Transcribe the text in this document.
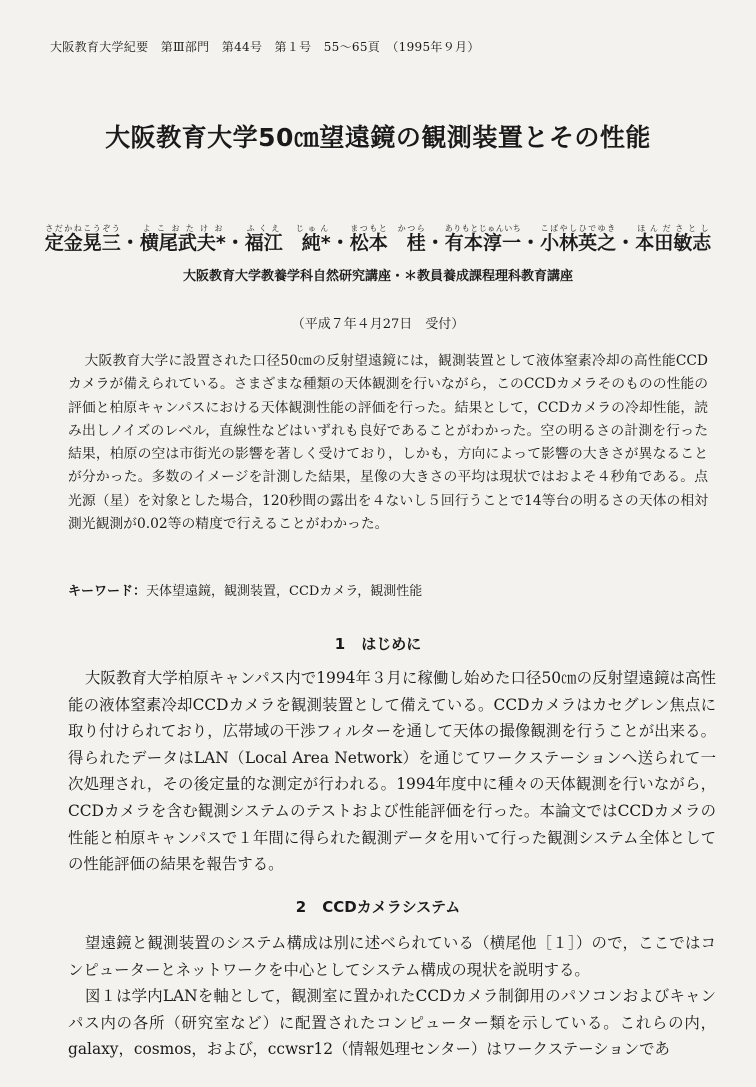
大阪教育大学紀要　第Ⅲ部門　第44号　第１号　55～65頁　（1995年９月）
大阪教育大学50㎝望遠鏡の観測装置とその性能
定金晃三さだかねこうぞう・横尾武夫*よこおたけお・福江　純*ふくえ　じゅん・松本　桂まつもと　かつら・有本淳一ありもとじゅんいち・小林英之こばやしひでゆき・本田敏志ほんださとし
大阪教育大学教養学科自然研究講座・＊教員養成課程理科教育講座
（平成７年４月27日　受付）

大阪教育大学に設置された口径50㎝の反射望遠鏡には，観測装置として液体窒素冷却の高性能CCDカメラが備えられている。さまざまな種類の天体観測を行いながら，このCCDカメラそのものの性能の評価と柏原キャンパスにおける天体観測性能の評価を行った。結果として，CCDカメラの冷却性能，読み出しノイズのレベル，直線性などはいずれも良好であることがわかった。空の明るさの計測を行った結果，柏原の空は市街光の影響を著しく受けており，しかも，方向によって影響の大きさが異なることが分かった。多数のイメージを計測した結果，星像の大きさの平均は現状ではおよそ４秒角である。点光源（星）を対象とした場合，120秒間の露出を４ないし５回行うことで14等台の明るさの天体の相対測光観測が0.02等の精度で行えることがわかった。

キーワード：天体望遠鏡，観測装置，CCDカメラ，観測性能
1 はじめに

大阪教育大学柏原キャンパス内で1994年３月に稼働し始めた口径50㎝の反射望遠鏡は高性能の液体窒素冷却CCDカメラを観測装置として備えている。CCDカメラはカセグレン焦点に取り付けられており，広帯域の干渉フィルターを通して天体の撮像観測を行うことが出来る。得られたデータはLAN（Local Area Network）を通じてワークステーションへ送られて一次処理され，その後定量的な測定が行われる。1994年度中に種々の天体観測を行いながら，CCDカメラを含む観測システムのテストおよび性能評価を行った。本論文ではCCDカメラの性能と柏原キャンパスで１年間に得られた観測データを用いて行った観測システム全体としての性能評価の結果を報告する。

2 CCDカメラシステム

望遠鏡と観測装置のシステム構成は別に述べられている（横尾他［１］）ので，ここではコンピューターとネットワークを中心としてシステム構成の現状を説明する。

図１は学内LANを軸として，観測室に置かれたCCDカメラ制御用のパソコンおよびキャンパス内の各所（研究室など）に配置されたコンピューター類を示している。これらの内，galaxy，cosmos，および，ccwsr12（情報処理センター）はワークステーションであ
